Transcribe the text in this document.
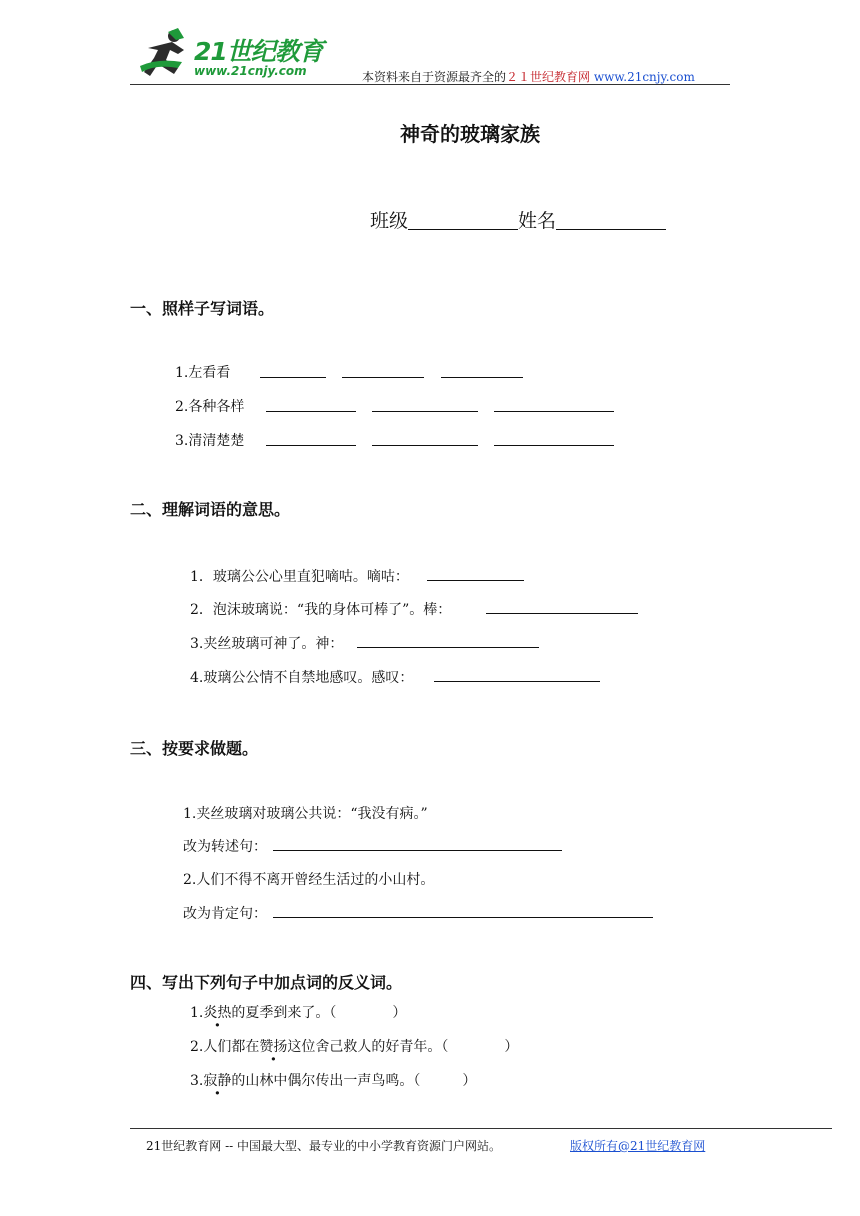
21世纪教育
www.21cnjy.com	本资料来自于资源最齐全的２１世纪教育网 www.21cnjy.com
神奇的玻璃家族
班级	姓名
一、照样子写词语。
1.左看看
2.各种各样
3.清清楚楚
二、理解词语的意思。
1．玻璃公公心里直犯嘀咕。嘀咕：
2．泡沫玻璃说：“我的身体可棒了”。棒：
3.夹丝玻璃可神了。神：
4.玻璃公公情不自禁地感叹。感叹：
三、按要求做题。
1.夹丝玻璃对玻璃公共说：“我没有病。”
改为转述句：
2.人们不得不离开曾经生活过的小山村。
改为肯定句：
四、写出下列句子中加点词的反义词。
1.炎热的夏季到来了。（　　　　）
2.人们都在赞扬这位舍己救人的好青年。（　　　　）
3.寂静的山林中偶尔传出一声鸟鸣。（　　　）
21世纪教育网 -- 中国最大型、最专业的中小学教育资源门户网站。	版权所有@21世纪教育网
